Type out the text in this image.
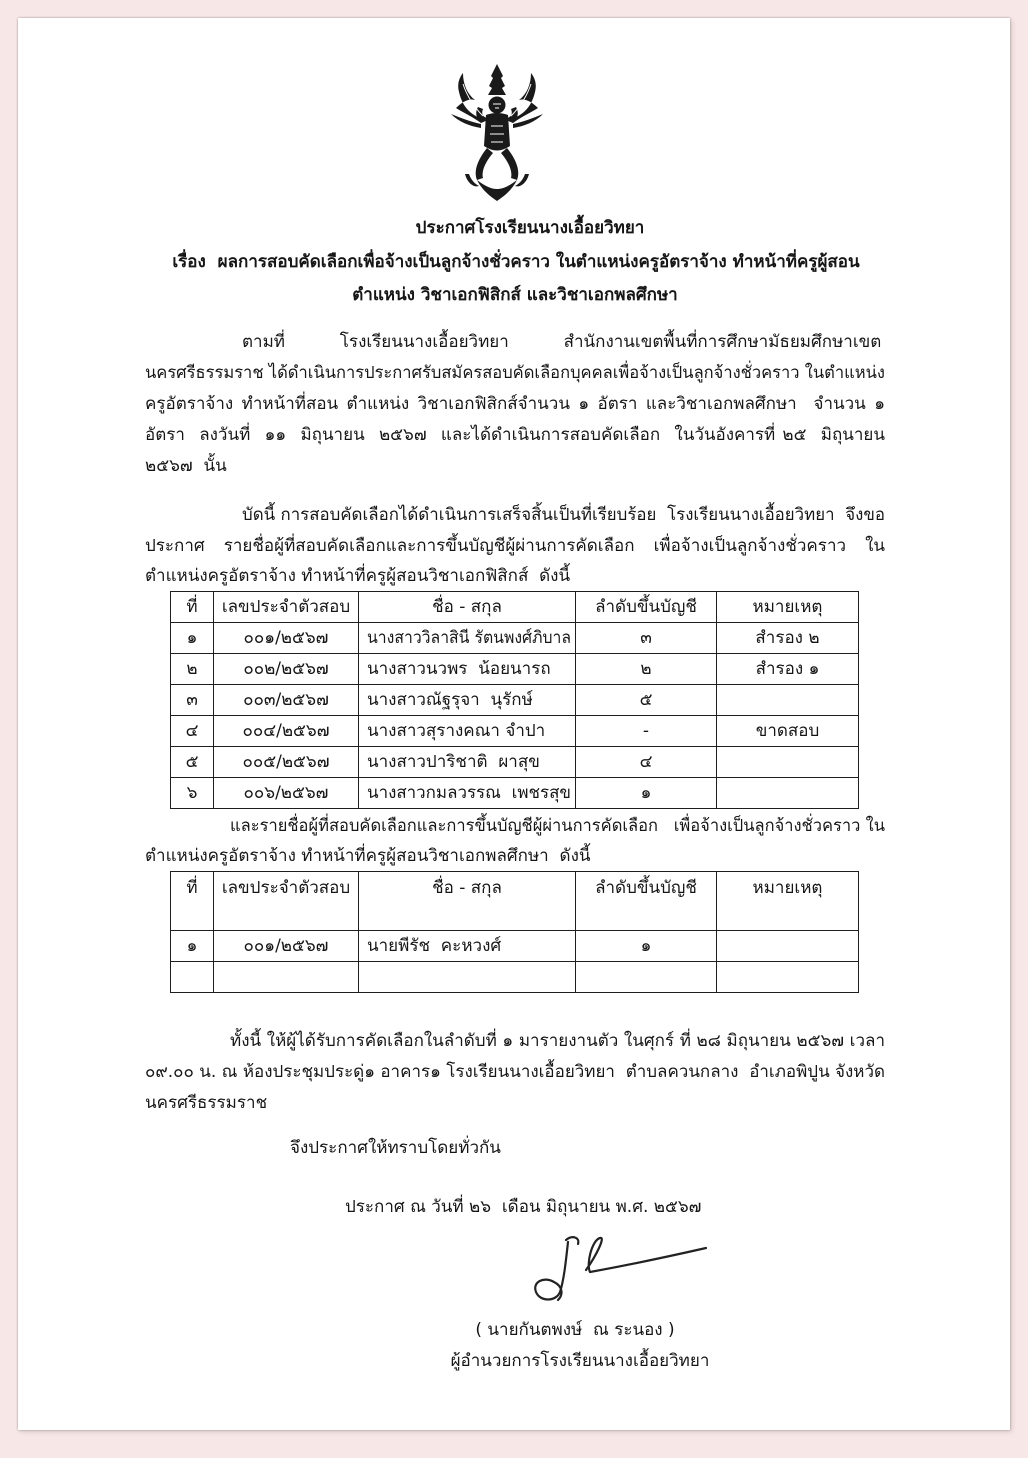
ประกาศโรงเรียนนางเอื้อยวิทยา
เรื่อง  ผลการสอบคัดเลือกเพื่อจ้างเป็นลูกจ้างชั่วคราว ในตำแหน่งครูอัตราจ้าง ทำหน้าที่ครูผู้สอน
ตำแหน่ง วิชาเอกฟิสิกส์ และวิชาเอกพลศึกษา
ตามที่  โรงเรียนนางเอื้อยวิทยา  สำนักงานเขตพื้นที่การศึกษามัธยมศึกษาเขต
นครศรีธรรมราช ได้ดำเนินการประกาศรับสมัครสอบคัดเลือกบุคคลเพื่อจ้างเป็นลูกจ้างชั่วคราว ในตำแหน่ง
ครูอัตราจ้าง ทำหน้าที่สอน ตำแหน่ง วิชาเอกฟิสิกส์จำนวน ๑ อัตรา และวิชาเอกพลศึกษา  จำนวน ๑
อัตรา  ลงวันที่  ๑๑  มิถุนายน  ๒๕๖๗  และได้ดำเนินการสอบคัดเลือก  ในวันอังคารที่ ๒๕  มิถุนายน
๒๕๖๗  นั้น
บัดนี้ การสอบคัดเลือกได้ดำเนินการเสร็จสิ้นเป็นที่เรียบร้อย  โรงเรียนนางเอื้อยวิทยา  จึงขอ
ประกาศ รายชื่อผู้ที่สอบคัดเลือกและการขึ้นบัญชีผู้ผ่านการคัดเลือก เพื่อจ้างเป็นลูกจ้างชั่วคราว ใน
ตำแหน่งครูอัตราจ้าง ทำหน้าที่ครูผู้สอนวิชาเอกฟิสิกส์  ดังนี้
ที่	เลขประจำตัวสอบ	ชื่อ - สกุล	ลำดับขึ้นบัญชี	หมายเหตุ

๑	๐๐๑/๒๕๖๗	นางสาววิลาสินี รัตนพงศ์ภิบาล	๓	สำรอง ๒

๒	๐๐๒/๒๕๖๗	นางสาวนวพร  น้อยนารถ	๒	สำรอง ๑

๓	๐๐๓/๒๕๖๗	นางสาวณัฐรุจา  นุรักษ์	๕	

๔	๐๐๔/๒๕๖๗	นางสาวสุรางคณา จำปา	-	ขาดสอบ

๕	๐๐๕/๒๕๖๗	นางสาวปาริชาติ  ผาสุข	๔	

๖	๐๐๖/๒๕๖๗	นางสาวกมลวรรณ  เพชรสุข	๑	

และรายชื่อผู้ที่สอบคัดเลือกและการขึ้นบัญชีผู้ผ่านการคัดเลือก   เพื่อจ้างเป็นลูกจ้างชั่วคราว ใน
ตำแหน่งครูอัตราจ้าง ทำหน้าที่ครูผู้สอนวิชาเอกพลศึกษา  ดังนี้
ที่	เลขประจำตัวสอบ	ชื่อ - สกุล	ลำดับขึ้นบัญชี	หมายเหตุ

๑	๐๐๑/๒๕๖๗	นายพีรัช  คะหวงศ์	๑	

ทั้งนี้ ให้ผู้ได้รับการคัดเลือกในลำดับที่ ๑ มารายงานตัว ในศุกร์ ที่ ๒๘ มิถุนายน ๒๕๖๗ เวลา
๐๙.๐๐ น. ณ ห้องประชุมประดู่๑ อาคาร๑ โรงเรียนนางเอื้อยวิทยา  ตำบลควนกลาง  อำเภอพิปูน จังหวัด
นครศรีธรรมราช
จึงประกาศให้ทราบโดยทั่วกัน
ประกาศ ณ วันที่ ๒๖  เดือน มิถุนายน พ.ศ. ๒๕๖๗
( นายกันตพงษ์  ณ ระนอง )
ผู้อำนวยการโรงเรียนนางเอื้อยวิทยา
